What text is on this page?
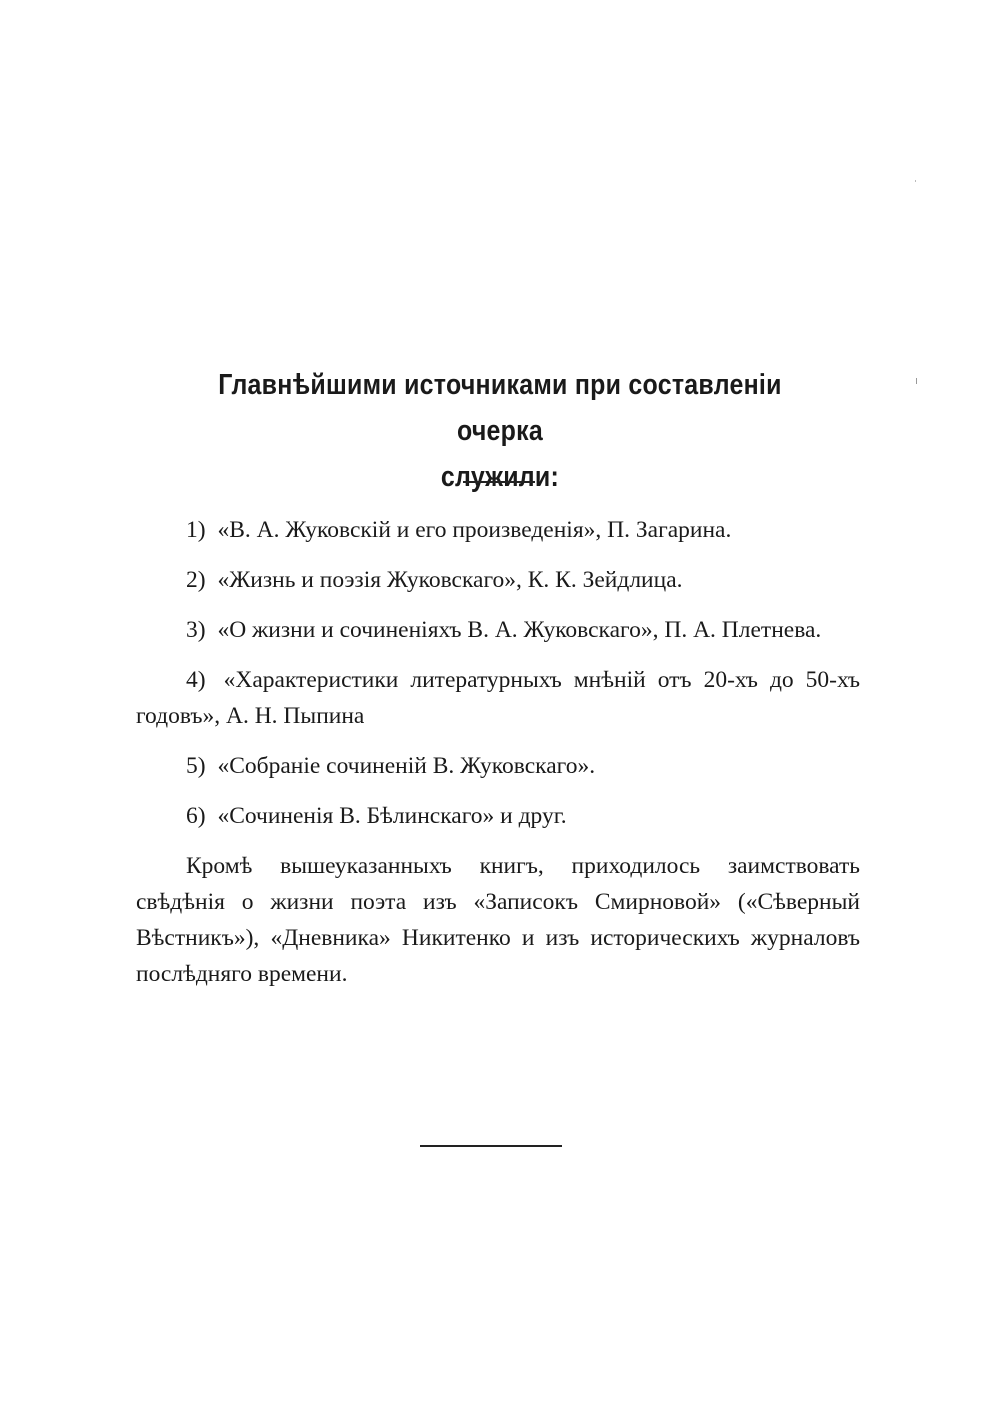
Главнѣйшими источниками при составленіи очерка
служили:

1) «В. А. Жуковскій и его произведенія», П. Загарина.

2) «Жизнь и поэзія Жуковскаго», К. К. Зейдлица.

3) «О жизни и сочиненіяхъ В. А. Жуковскаго», П. А. Плетнева.

4) «Характеристики литературныхъ мнѣній отъ 20-хъ до 50-хъ годовъ», А. Н. Пыпина

5) «Собраніе сочиненій В. Жуковскаго».

6) «Сочиненія В. Бѣлинскаго» и друг.

Кромѣ вышеуказанныхъ книгъ, приходилось заимствовать свѣдѣнія о жизни поэта изъ «Записокъ Смирновой» («Сѣверный Вѣстникъ»), «Дневника» Никитенко и изъ историческихъ журналовъ послѣдняго времени.
